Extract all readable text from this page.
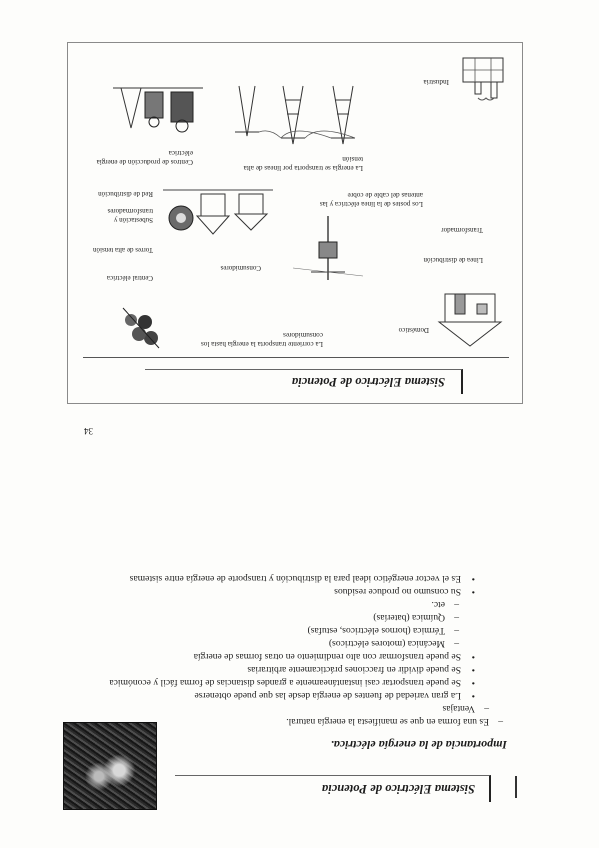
Sistema Eléctrico de Potencia
Importancia de la energía eléctrica.
–
Es una forma en que se manifiesta la energía natural.
–
Ventajas
•
La gran variedad de fuentes de energía desde las que puede obtenerse
•
Se puede transportar casi instantáneamente a grandes distancias de forma fácil y económica
•
Se puede dividir en fracciones prácticamente arbitrarias
•
Se puede transformar con alto rendimiento en otras formas de energía
–
Mecánica (motores eléctricos)
–
Térmica (hornos eléctricos, estufas)
–
Química (baterías)
–
etc.
•
Su consumo no produce residuos
•
Es el vector energético ideal para la distribución y transporte de energía entre sistemas
34
Sistema Eléctrico de Potencia
Industria
La energía se transporta por líneas de alta tensión
Centros de producción de energía eléctrica
Red de distribución
Subestación y transformadores
Torres de alta tensión
Central eléctrica
Consumidores
Los postes de la línea eléctrica y las antenas del cable de cobre
Transformador
Línea de distribución
Doméstico
La corriente transporta la energía hasta los consumidores
